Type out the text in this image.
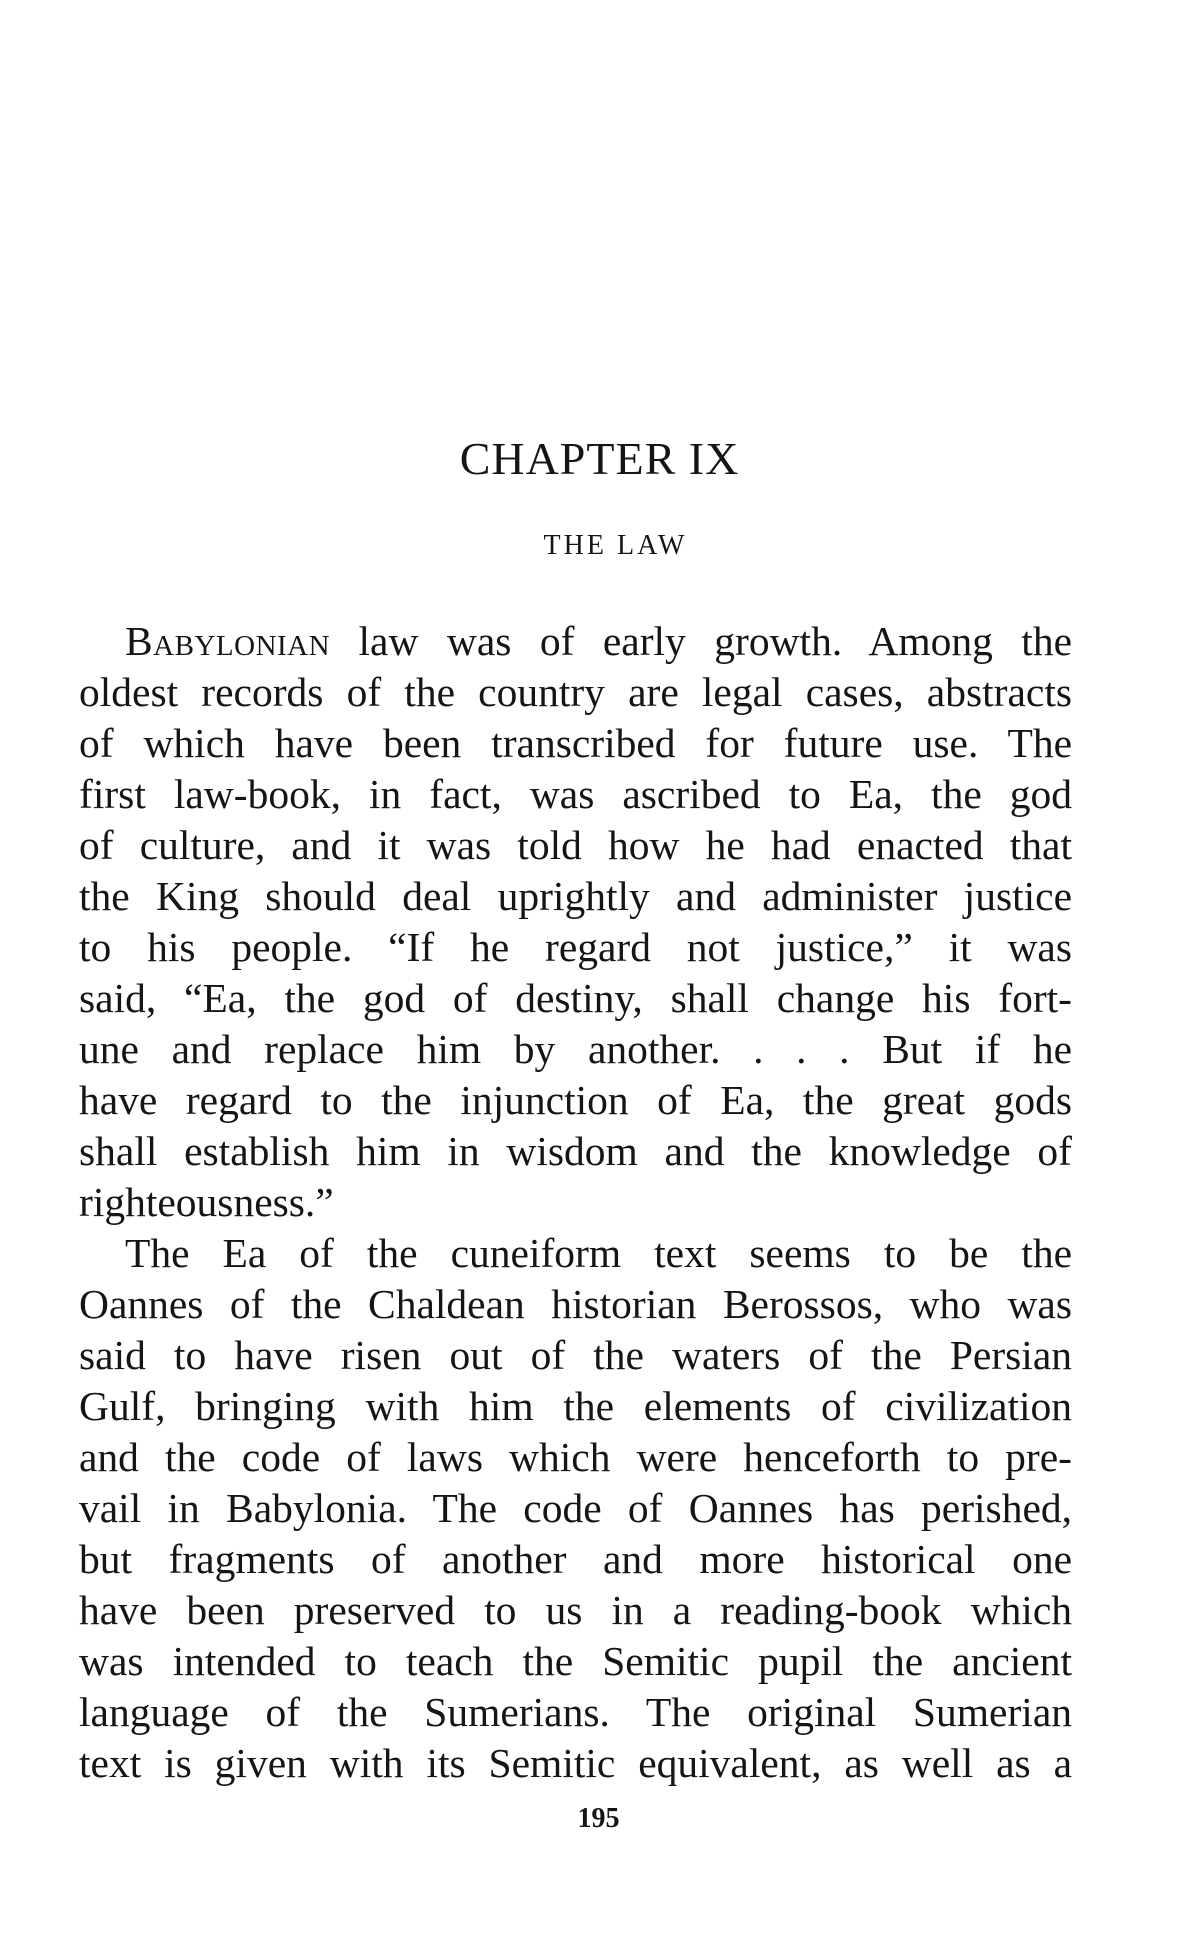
CHAPTER IX
THE LAW
Babylonian law was of early growth. Among the
oldest records of the country are legal cases, abstracts
of which have been transcribed for future use. The
first law-book, in fact, was ascribed to Ea, the god
of culture, and it was told how he had enacted that
the King should deal uprightly and administer justice
to his people. “If he regard not justice,” it was
said, “Ea, the god of destiny, shall change his fort-
une and replace him by another. . . . But if he
have regard to the injunction of Ea, the great gods
shall establish him in wisdom and the knowledge of
righteousness.”
The Ea of the cuneiform text seems to be the
Oannes of the Chaldean historian Berossos, who was
said to have risen out of the waters of the Persian
Gulf, bringing with him the elements of civilization
and the code of laws which were henceforth to pre-
vail in Babylonia. The code of Oannes has perished,
but fragments of another and more historical one
have been preserved to us in a reading-book which
was intended to teach the Semitic pupil the ancient
language of the Sumerians. The original Sumerian
text is given with its Semitic equivalent, as well as a
195
